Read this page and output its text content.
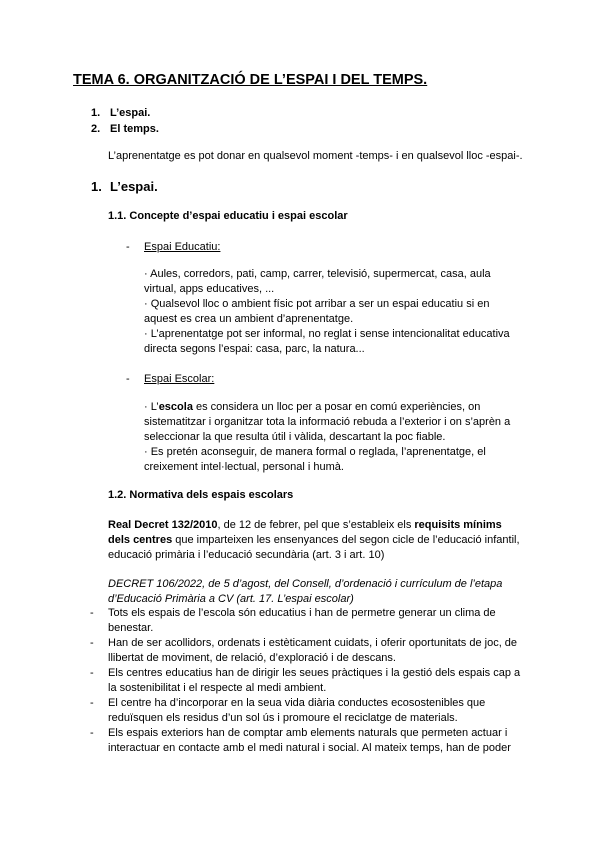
TEMA 6. ORGANITZACIÓ DE L’ESPAI I DEL TEMPS.
1. L’espai.
2. El temps.
L’aprenentatge es pot donar en qualsevol moment -temps- i en qualsevol lloc -espai-.
1. L’espai.
1.1. Concepte d’espai educatiu i espai escolar
- Espai Educatiu:
· Aules, corredors, pati, camp, carrer, televisió, supermercat, casa, aula
virtual, apps educatives, ...
· Qualsevol lloc o ambient físic pot arribar a ser un espai educatiu si en
aquest es crea un ambient d’aprenentatge.
· L’aprenentatge pot ser informal, no reglat i sense intencionalitat educativa
directa segons l’espai: casa, parc, la natura...
- Espai Escolar:
· L’escola es considera un lloc per a posar en comú experiències, on
sistematitzar i organitzar tota la informació rebuda a l’exterior i on s’aprèn a
seleccionar la que resulta útil i vàlida, descartant la poc fiable.
· Es pretén aconseguir, de manera formal o reglada, l’aprenentatge, el
creixement intel·lectual, personal i humà.
1.2. Normativa dels espais escolars
Real Decret 132/2010, de 12 de febrer, pel que s’estableix els requisits mínims
dels centres que imparteixen les ensenyances del segon cicle de l’educació infantil,
educació primària i l’educació secundària (art. 3 i art. 10)
DECRET 106/2022, de 5 d’agost, del Consell, d’ordenació i currículum de l’etapa
d’Educació Primària a CV (art. 17. L’espai escolar)
- Tots els espais de l’escola són educatius i han de permetre generar un clima de
benestar.
- Han de ser acollidors, ordenats i estèticament cuidats, i oferir oportunitats de joc, de
llibertat de moviment, de relació, d’exploració i de descans.
- Els centres educatius han de dirigir les seues pràctiques i la gestió dels espais cap a
la sostenibilitat i el respecte al medi ambient.
- El centre ha d’incorporar en la seua vida diària conductes ecosostenibles que
reduïsquen els residus d’un sol ús i promoure el reciclatge de materials.
- Els espais exteriors han de comptar amb elements naturals que permeten actuar i
interactuar en contacte amb el medi natural i social. Al mateix temps, han de poder
